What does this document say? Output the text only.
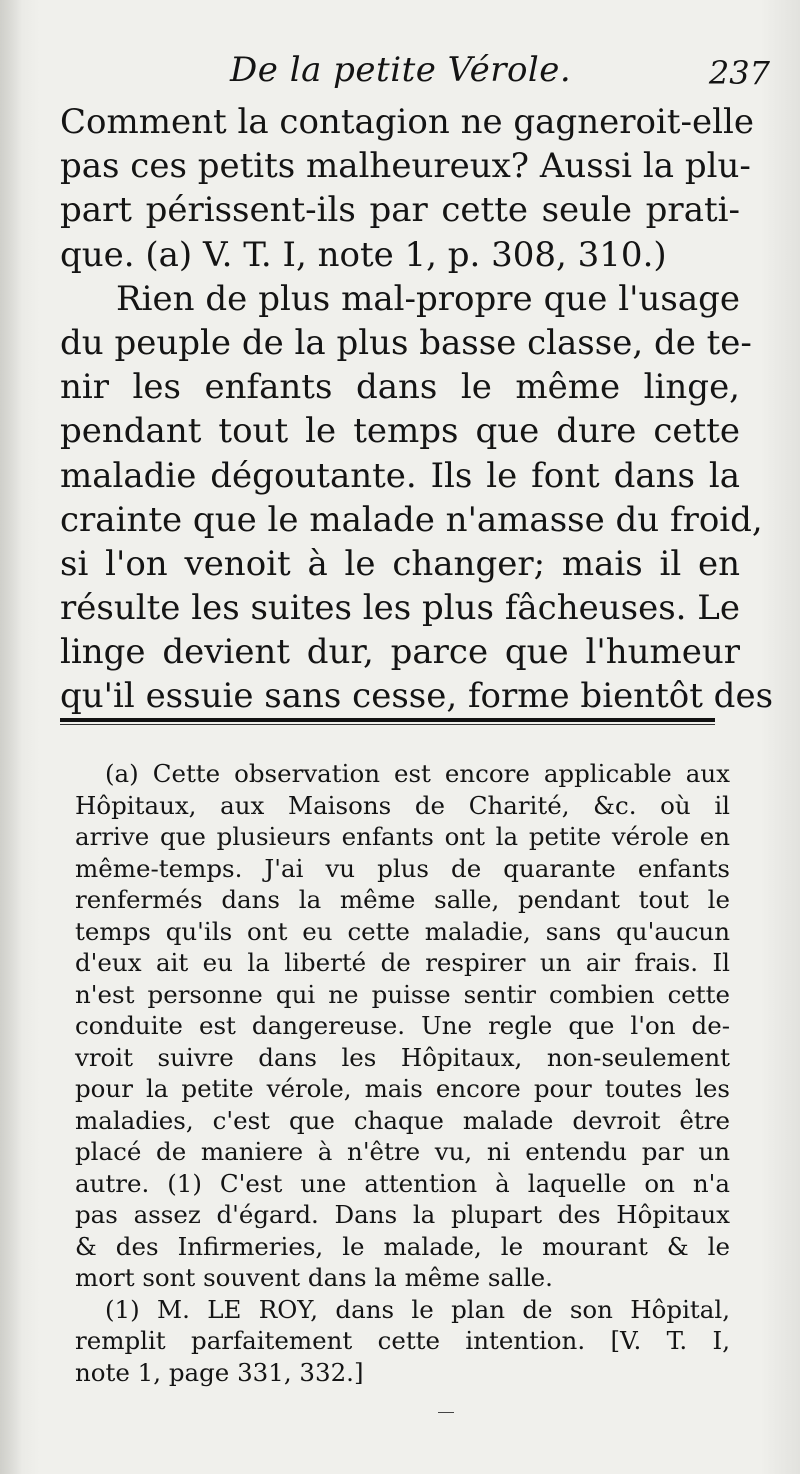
De la petite Vérole.	237
Comment la contagion ne gagneroit-elle
pas ces petits malheureux? Aussi la plu-
part périssent-ils par cette seule prati-
que. (a) V. T. I, note 1, p. 308, 310.)
Rien de plus mal-propre que l'usage
du peuple de la plus basse classe, de te-
nir les enfants dans le même linge,
pendant tout le temps que dure cette
maladie dégoutante. Ils le font dans la
crainte que le malade n'amasse du froid,
si l'on venoit à le changer; mais il en
résulte les suites les plus fâcheuses. Le
linge devient dur, parce que l'humeur
qu'il essuie sans cesse, forme bientôt des
(a) Cette observation est encore applicable aux
Hôpitaux, aux Maisons de Charité, &c. où il
arrive que plusieurs enfants ont la petite vérole en
même-temps. J'ai vu plus de quarante enfants
renfermés dans la même salle, pendant tout le
temps qu'ils ont eu cette maladie, sans qu'aucun
d'eux ait eu la liberté de respirer un air frais. Il
n'est personne qui ne puisse sentir combien cette
conduite est dangereuse. Une regle que l'on de-
vroit suivre dans les Hôpitaux, non-seulement
pour la petite vérole, mais encore pour toutes les
maladies, c'est que chaque malade devroit être
placé de maniere à n'être vu, ni entendu par un
autre. (1) C'est une attention à laquelle on n'a
pas assez d'égard. Dans la plupart des Hôpitaux
& des Infirmeries, le malade, le mourant & le
mort sont souvent dans la même salle.
(1) M. LE ROY, dans le plan de son Hôpital,
remplit parfaitement cette intention. [V. T. I,
note 1, page 331, 332.]
